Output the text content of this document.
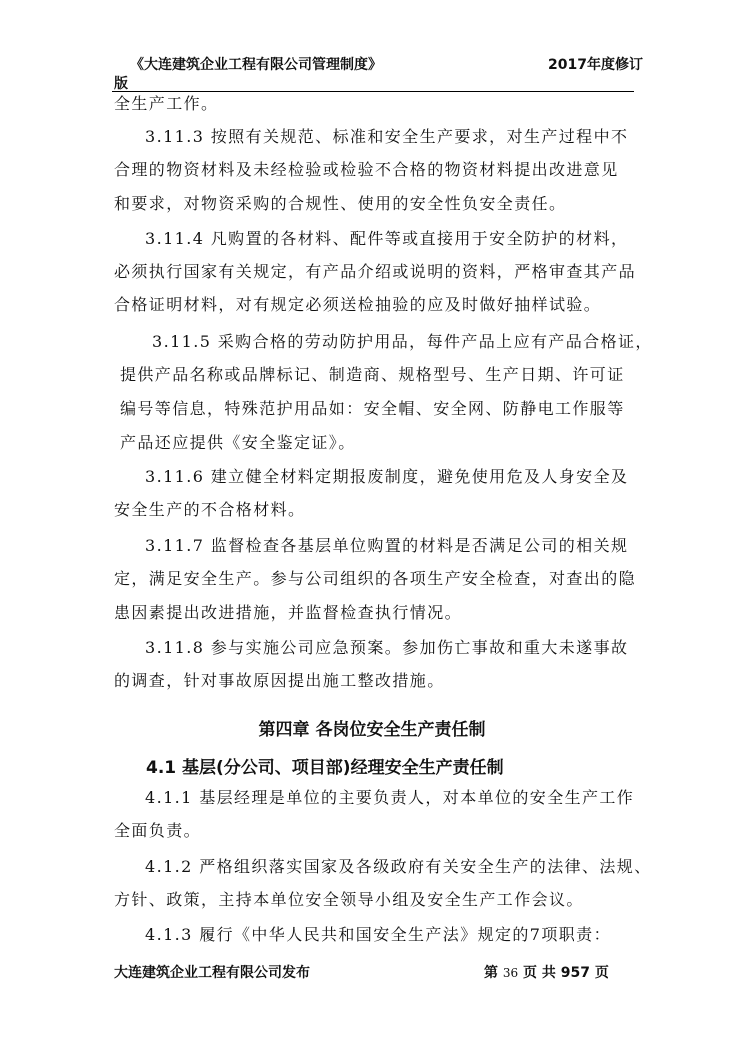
《大连建筑企业工程有限公司管理制度》	2017年度修订
版
全生产工作。
3.11.3 按照有关规范、标准和安全生产要求，对生产过程中不
合理的物资材料及未经检验或检验不合格的物资材料提出改进意见
和要求，对物资采购的合规性、使用的安全性负安全责任。
3.11.4 凡购置的各材料、配件等或直接用于安全防护的材料，
必须执行国家有关规定，有产品介绍或说明的资料，严格审查其产品
合格证明材料，对有规定必须送检抽验的应及时做好抽样试验。
3.11.5 采购合格的劳动防护用品，每件产品上应有产品合格证，
提供产品名称或品牌标记、制造商、规格型号、生产日期、许可证
编号等信息，特殊范护用品如：安全帽、安全网、防静电工作服等
产品还应提供《安全鉴定证》。
3.11.6 建立健全材料定期报废制度，避免使用危及人身安全及
安全生产的不合格材料。
3.11.7 监督检查各基层单位购置的材料是否满足公司的相关规
定，满足安全生产。参与公司组织的各项生产安全检查，对查出的隐
患因素提出改进措施，并监督检查执行情况。
3.11.8 参与实施公司应急预案。参加伤亡事故和重大未遂事故
的调查，针对事故原因提出施工整改措施。
第四章 各岗位安全生产责任制
4.1 基层(分公司、项目部)经理安全生产责任制
4.1.1 基层经理是单位的主要负责人，对本单位的安全生产工作
全面负责。
4.1.2 严格组织落实国家及各级政府有关安全生产的法律、法规、
方针、政策，主持本单位安全领导小组及安全生产工作会议。
4.1.3 履行《中华人民共和国安全生产法》规定的7项职责：
大连建筑企业工程有限公司发布	第 36 页 共 957 页
